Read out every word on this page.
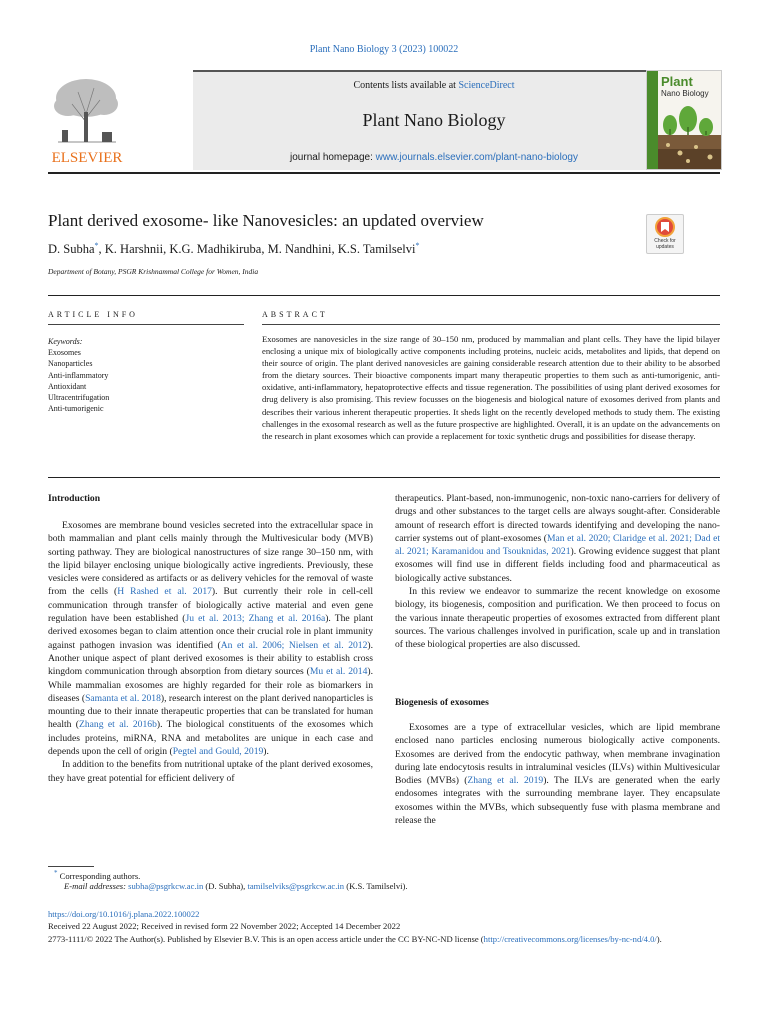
Plant Nano Biology 3 (2023) 100022
ELSEVIER
Contents lists available at ScienceDirect
Plant Nano Biology
journal homepage: www.journals.elsevier.com/plant-nano-biology
Plant
Nano Biology
Plant derived exosome- like Nanovesicles: an updated overview
Check for updates
D. Subha*, K. Harshnii, K.G. Madhikiruba, M. Nandhini, K.S. Tamilselvi*
Department of Botany, PSGR Krishnammal College for Women, India
ARTICLE INFO	ABSTRACT
Keywords:
Exosomes
Nanoparticles
Anti-inflammatory
Antioxidant
Ultracentrifugation
Anti-tumorigenic
Exosomes are nanovesicles in the size range of 30–150 nm, produced by mammalian and plant cells. They have the lipid bilayer enclosing a unique mix of biologically active components including proteins, nucleic acids, metabolites and lipids, that depend on their source of origin. The plant derived nanovesicles are gaining considerable research attention due to their ability to be absorbed from the dietary sources. Their bioactive components impart many therapeutic properties to them such as anti-tumorigenic, anti-oxidative, anti-inflammatory, hepatoprotective effects and tissue regeneration. The possibilities of using plant derived exosomes for drug delivery is also promising. This review focusses on the biogenesis and biological nature of exosomes derived from plants and describes their various inherent therapeutic properties. It sheds light on the recently developed methods to study them. The existing challenges in the exosomal research as well as the future prospective are highlighted. Overall, it is an update on the advancements on the research in plant exosomes which can provide a replacement for toxic synthetic drugs and possibilities for disease therapy.
Introduction

Exosomes are membrane bound vesicles secreted into the extracellular space in both mammalian and plant cells mainly through the Multivesicular body (MVB) sorting pathway. They are biological nanostructures of size range 30–150 nm, with the lipid bilayer enclosing unique biologically active ingredients. Previously, these vesicles were considered as artifacts or as delivery vehicles for the removal of waste from the cells (H Rashed et al. 2017). But currently their role in cell-cell communication through transfer of biologically active material and even gene regulation have been established (Ju et al. 2013; Zhang et al. 2016a). The plant derived exosomes began to claim attention once their crucial role in plant immunity against pathogen invasion was identified (An et al. 2006; Nielsen et al. 2012). Another unique aspect of plant derived exosomes is their ability to establish cross kingdom communication through absorption from dietary sources (Mu et al. 2014). While mammalian exosomes are highly regarded for their role as biomarkers in diseases (Samanta et al. 2018), research interest on the plant derived nanoparticles is mounting due to their innate therapeutic properties that can be translated for human health (Zhang et al. 2016b). The biological constituents of the exosomes which includes proteins, miRNA, RNA and metabolites are unique in each case and depends upon the cell of origin (Pegtel and Gould, 2019).

In addition to the benefits from nutritional uptake of the plant derived exosomes, they have great potential for efficient delivery of

therapeutics. Plant-based, non-immunogenic, non-toxic nano-carriers for delivery of drugs and other substances to the target cells are always sought-after. Considerable amount of research effort is directed towards identifying and developing the nano-carrier systems out of plant-exosomes (Man et al. 2020; Claridge et al. 2021; Dad et al. 2021; Karamanidou and Tsouknidas, 2021). Growing evidence suggest that plant exosomes will find use in different fields including food and pharmaceutical as biologically active substances.

In this review we endeavor to summarize the recent knowledge on exosome biology, its biogenesis, composition and purification. We then proceed to focus on the various innate therapeutic properties of exosomes extracted from different plant sources. The various challenges involved in purification, scale up and in translation of these biological properties are also discussed.

Biogenesis of exosomes

Exosomes are a type of extracellular vesicles, which are lipid membrane enclosed nano particles enclosing numerous biologically active components. Exosomes are derived from the endocytic pathway, when membrane invagination during late endocytosis results in intraluminal vesicles (ILVs) within Multivesicular Bodies (MVBs) (Zhang et al. 2019). The ILVs are generated when the early endosomes integrates with the surrounding membrane layer. They encapsulate exosomes within the MVBs, which subsequently fuse with plasma membrane and release the

* Corresponding authors.
E-mail addresses: subha@psgrkcw.ac.in (D. Subha), tamilselviks@psgrkcw.ac.in (K.S. Tamilselvi).
https://doi.org/10.1016/j.plana.2022.100022
Received 22 August 2022; Received in revised form 22 November 2022; Accepted 14 December 2022
2773-1111/© 2022 The Author(s). Published by Elsevier B.V. This is an open access article under the CC BY-NC-ND license (http://creativecommons.org/licenses/by-nc-nd/4.0/).
